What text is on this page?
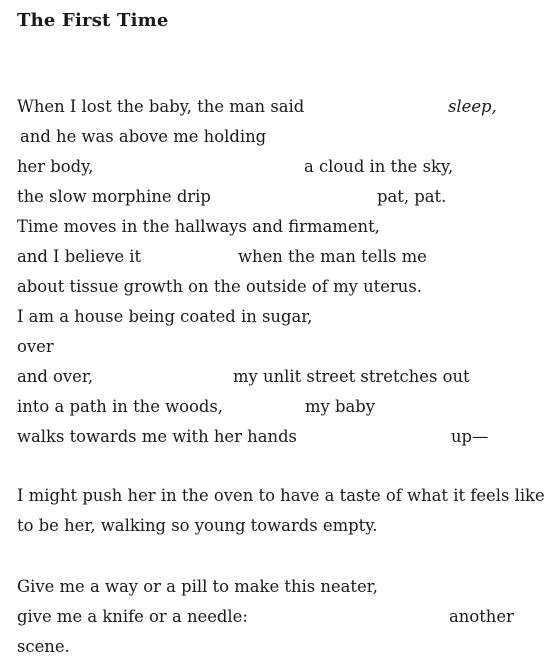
The First Time
When I lost the baby, the man said	sleep,
and he was above me holding
her body,	a cloud in the sky,
the slow morphine drip	pat, pat.
Time moves in the hallways and firmament,
and I believe it	when the man tells me
about tissue growth on the outside of my uterus.
I am a house being coated in sugar,
over
and over,	my unlit street stretches out
into a path in the woods,	my baby
walks towards me with her hands	up—
I might push her in the oven to have a taste of what it feels like
to be her, walking so young towards empty.
Give me a way or a pill to make this neater,
give me a knife or a needle:	another
scene.
